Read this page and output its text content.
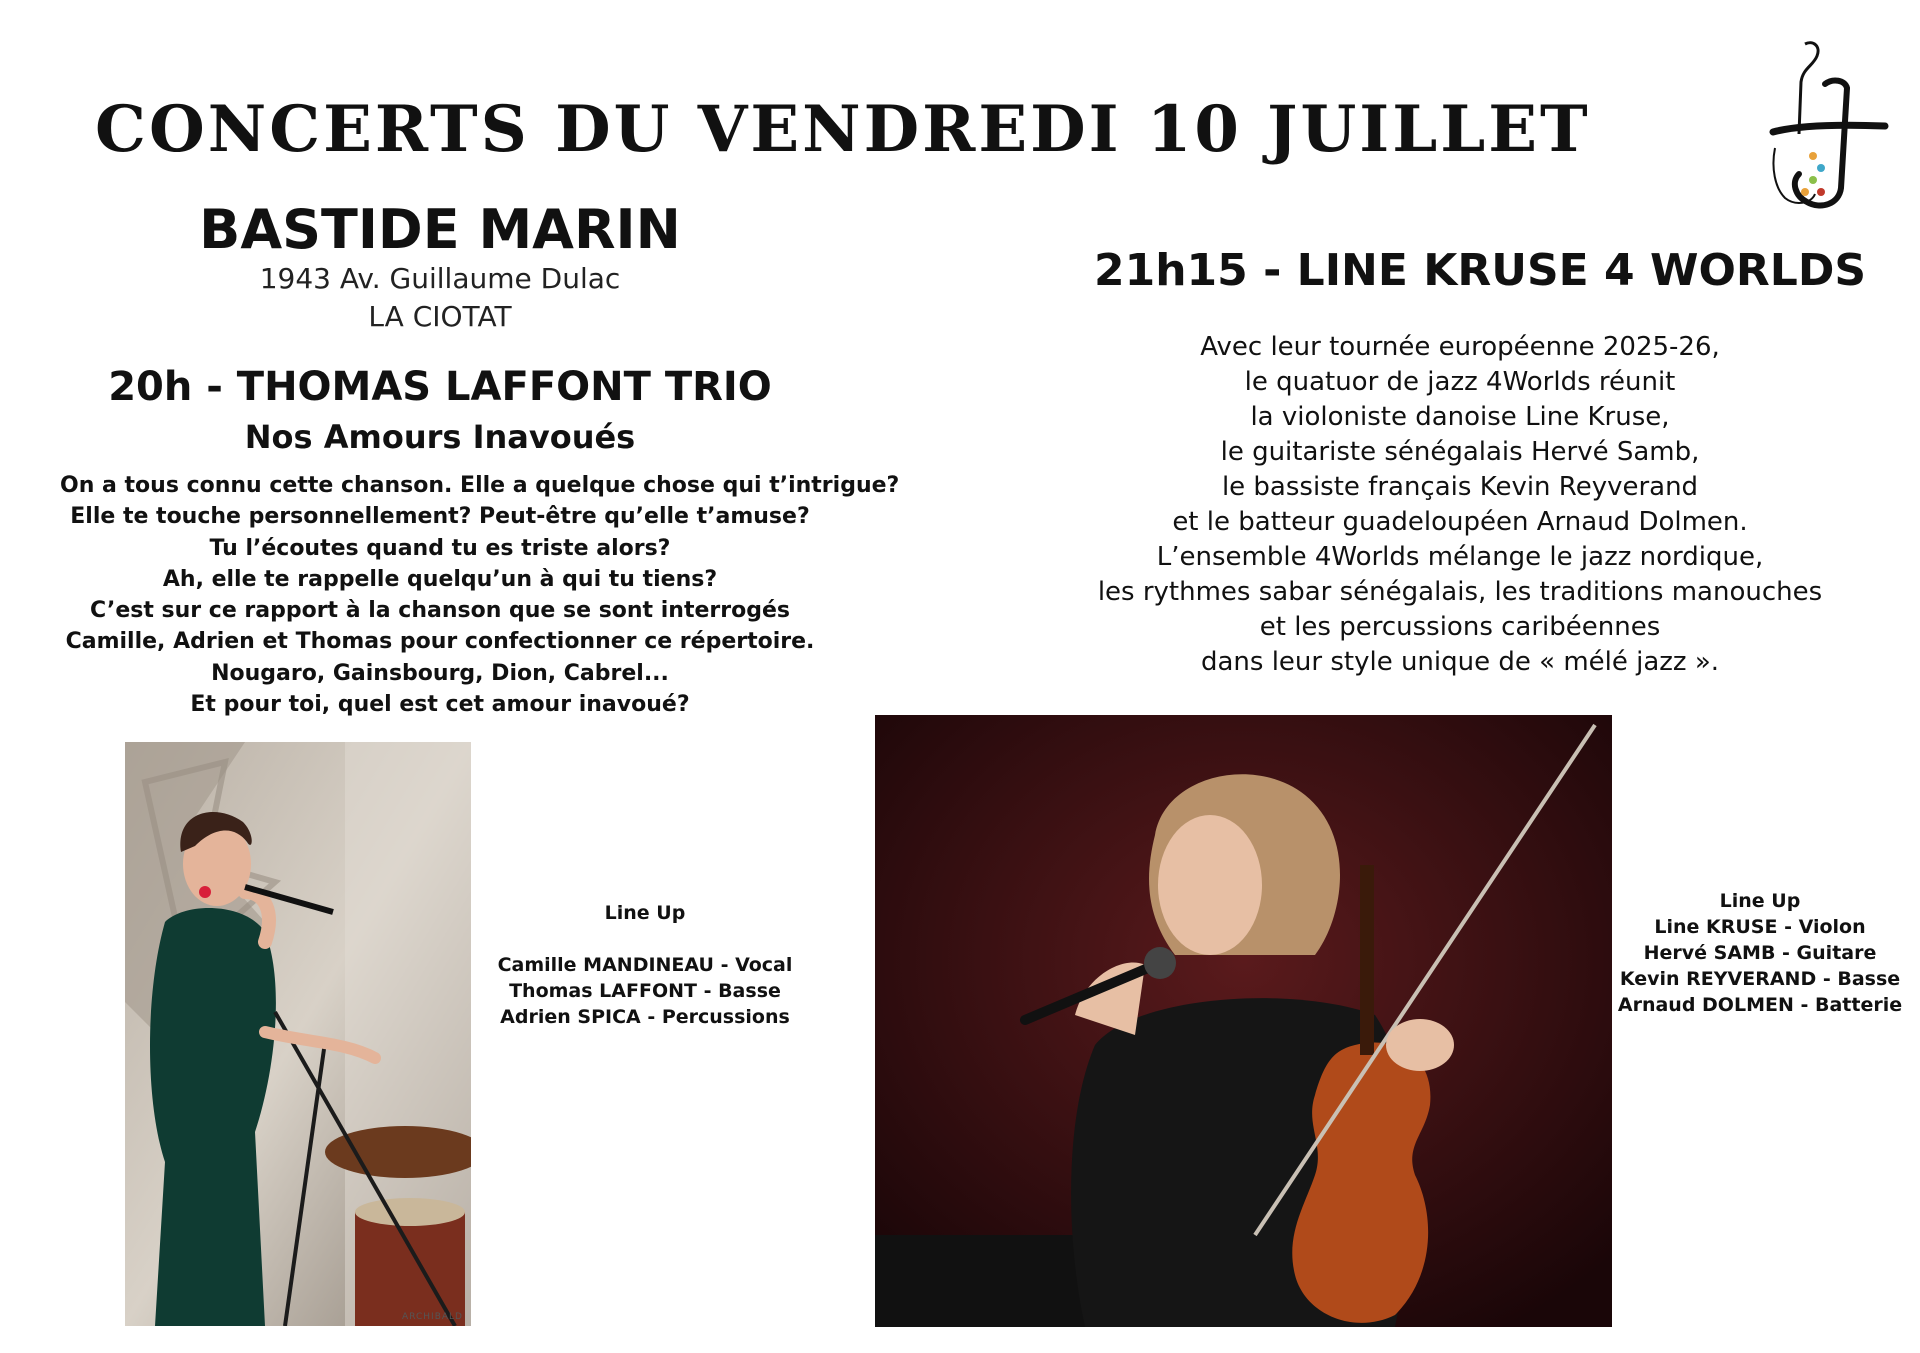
CONCERTS DU VENDREDI 10 JUILLET
BASTIDE MARIN
1943 Av. Guillaume Dulac
LA CIOTAT
20h - THOMAS LAFFONT TRIO
Nos Amours Inavoués
On a tous connu cette chanson. Elle a quelque chose qui t’intrigue?
Elle te touche personnellement? Peut-être qu’elle t’amuse?
Tu l’écoutes quand tu es triste alors?
Ah, elle te rappelle quelqu’un à qui tu tiens?
C’est sur ce rapport à la chanson que se sont interrogés
Camille, Adrien et Thomas pour confectionner ce répertoire.
Nougaro, Gainsbourg, Dion, Cabrel...
Et pour toi, quel est cet amour inavoué?
ARCHIBALD
Line Up
Camille MANDINEAU - Vocal
Thomas LAFFONT - Basse
Adrien SPICA - Percussions
21h15 - LINE KRUSE 4 WORLDS
Avec leur tournée européenne 2025-26,
le quatuor de jazz 4Worlds réunit
la violoniste danoise Line Kruse,
le guitariste sénégalais Hervé Samb,
le bassiste français Kevin Reyverand
et le batteur guadeloupéen Arnaud Dolmen.
L’ensemble 4Worlds mélange le jazz nordique,
les rythmes sabar sénégalais, les traditions manouches
et les percussions caribéennes
dans leur style unique de « mélé jazz ».
Line Up
Line KRUSE - Violon
Hervé SAMB - Guitare
Kevin REYVERAND - Basse
Arnaud DOLMEN - Batterie
